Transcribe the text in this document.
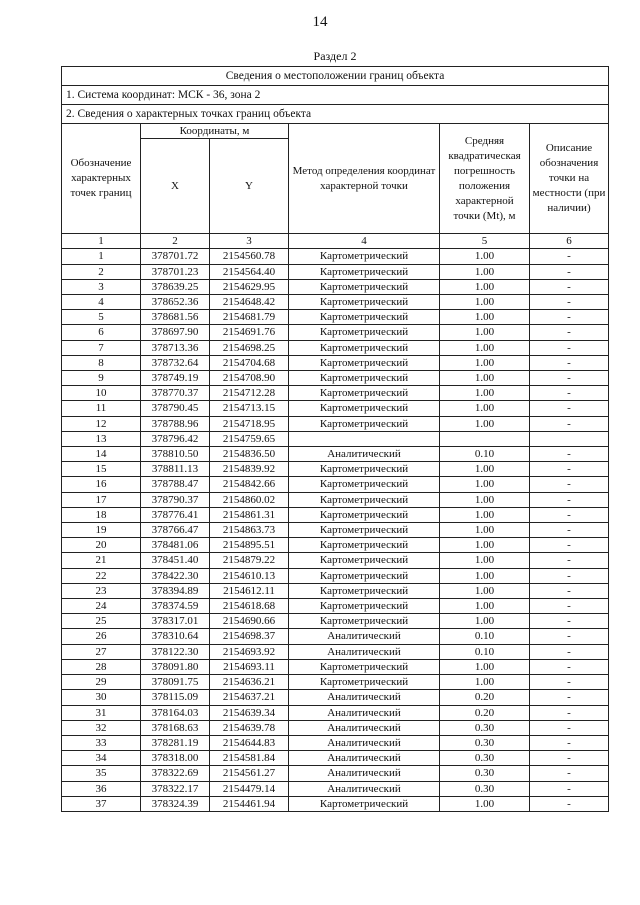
14
Раздел 2
Сведения о местоположении границ объекта					
1. Система координат: МСК - 36, зона 2					
2. Сведения о характерных точках границ объекта					
Обозначение характерных точек границ	Координаты, м		Метод определения координат характерной точки	Средняя квадратическая погрешность положения характерной точки (Mt), м	Описание обозначения точки на местности (при наличии)
	X	Y			
1	2	3	4	5	6
1	378701.72	2154560.78	Картометрический	1.00	-
2	378701.23	2154564.40	Картометрический	1.00	-
3	378639.25	2154629.95	Картометрический	1.00	-
4	378652.36	2154648.42	Картометрический	1.00	-
5	378681.56	2154681.79	Картометрический	1.00	-
6	378697.90	2154691.76	Картометрический	1.00	-
7	378713.36	2154698.25	Картометрический	1.00	-
8	378732.64	2154704.68	Картометрический	1.00	-
9	378749.19	2154708.90	Картометрический	1.00	-
10	378770.37	2154712.28	Картометрический	1.00	-
11	378790.45	2154713.15	Картометрический	1.00	-
12	378788.96	2154718.95	Картометрический	1.00	-
13	378796.42	2154759.65			
14	378810.50	2154836.50	Аналитический	0.10	-
15	378811.13	2154839.92	Картометрический	1.00	-
16	378788.47	2154842.66	Картометрический	1.00	-
17	378790.37	2154860.02	Картометрический	1.00	-
18	378776.41	2154861.31	Картометрический	1.00	-
19	378766.47	2154863.73	Картометрический	1.00	-
20	378481.06	2154895.51	Картометрический	1.00	-
21	378451.40	2154879.22	Картометрический	1.00	-
22	378422.30	2154610.13	Картометрический	1.00	-
23	378394.89	2154612.11	Картометрический	1.00	-
24	378374.59	2154618.68	Картометрический	1.00	-
25	378317.01	2154690.66	Картометрический	1.00	-
26	378310.64	2154698.37	Аналитический	0.10	-
27	378122.30	2154693.92	Аналитический	0.10	-
28	378091.80	2154693.11	Картометрический	1.00	-
29	378091.75	2154636.21	Картометрический	1.00	-
30	378115.09	2154637.21	Аналитический	0.20	-
31	378164.03	2154639.34	Аналитический	0.20	-
32	378168.63	2154639.78	Аналитический	0.30	-
33	378281.19	2154644.83	Аналитический	0.30	-
34	378318.00	2154581.84	Аналитический	0.30	-
35	378322.69	2154561.27	Аналитический	0.30	-
36	378322.17	2154479.14	Аналитический	0.30	-
37	378324.39	2154461.94	Картометрический	1.00	-
